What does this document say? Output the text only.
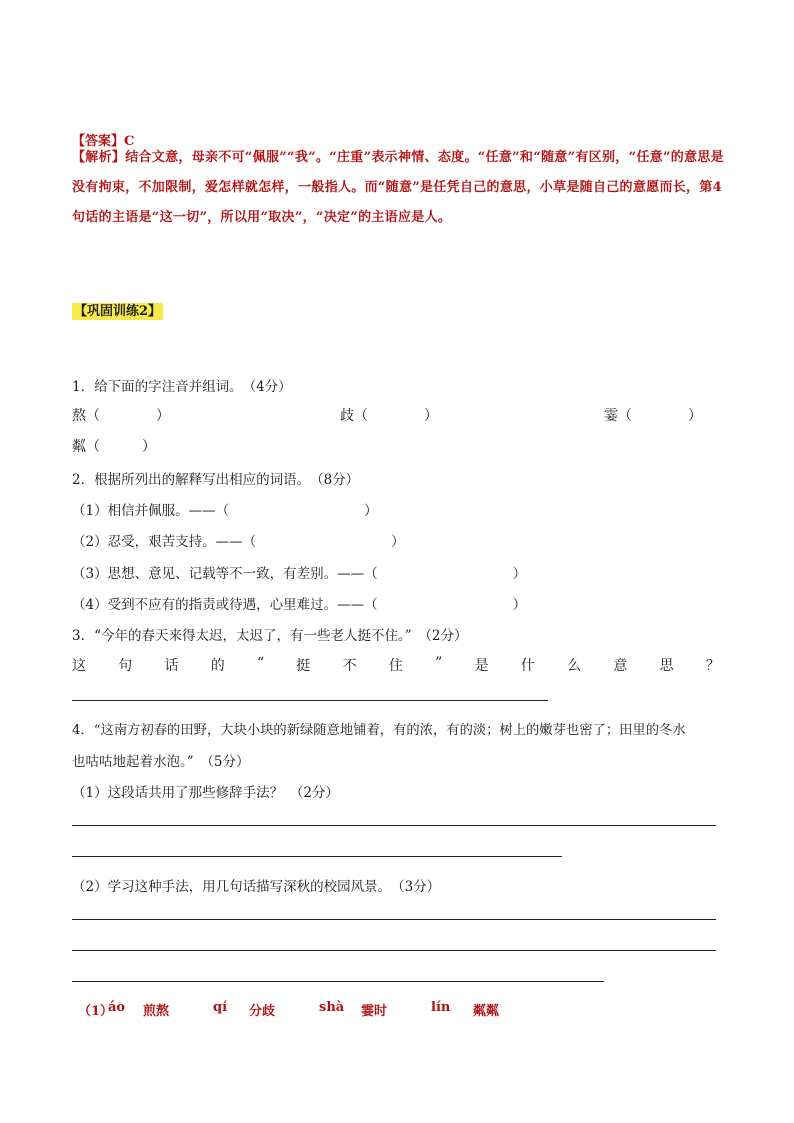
【答案】C
【解析】结合文意，母亲不可“佩服”“我”。“庄重”表示神情、态度。“任意”和“随意”有区别，“任意”的意思是没有拘束，不加限制，爱怎样就怎样，一般指人。而“随意”是任凭自己的意思，小草是随自己的意愿而长，第4句话的主语是“这一切”，所以用“取决”，“决定”的主语应是人。
【巩固训练2】
1．给下面的字注音并组词。　（4分）
熬（　　　　）	歧（　　　　）	霎（　　　　）
粼（　　　）
2．根据所列出的解释写出相应的词语。　（8分）
（1）相信并佩服。——（　　　　　　　　　　）
（2）忍受，艰苦支持。——（　　　　　　　　　　）
（3）思想、意见、记载等不一致，有差别。——（　　　　　　　　　　）
（4）受到不应有的指责或待遇，心里难过。——（　　　　　　　　　　）
3．“今年的春天来得太迟，太迟了，有一些老人挺不住。”　（2分）
这 句 话 的 “ 挺 不 住 ” 是 什 么 意 思 ？
4．“这南方初春的田野，大块小块的新绿随意地铺着，有的浓，有的淡；树上的嫩芽也密了；田里的冬水
也咕咕地起着水泡。”　（5分）
（1）这段话共用了那些修辞手法？　（2分）
（2）学习这种手法，用几句话描写深秋的校园风景。　（3分）
（1）
áo 煎熬	qí 分歧	shà 霎时	lín 粼粼
